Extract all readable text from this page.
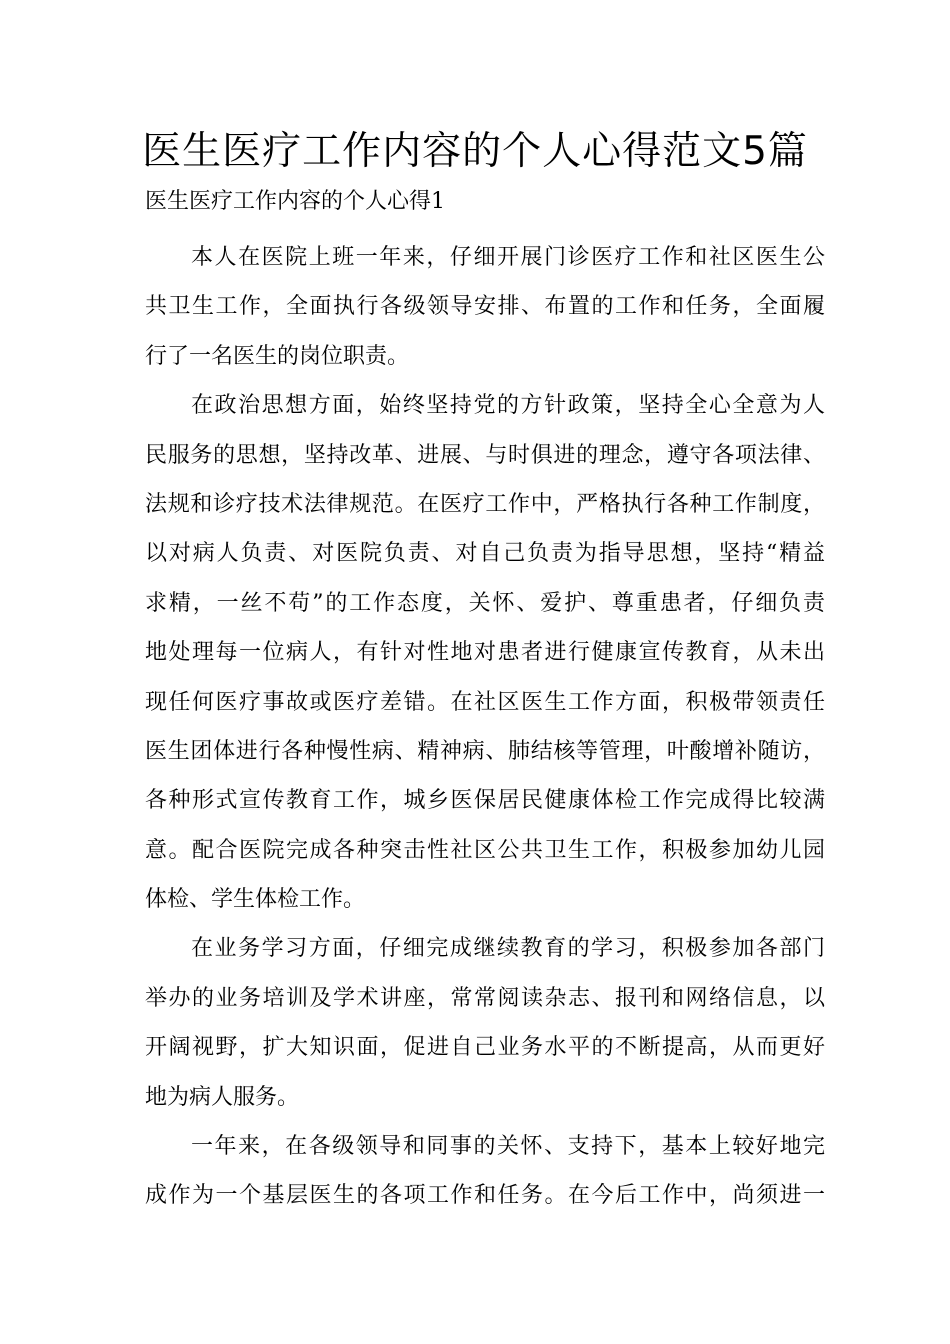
医生医疗工作内容的个人心得范文5篇
医生医疗工作内容的个人心得1
本人在医院上班一年来，仔细开展门诊医疗工作和社区医生公
共卫生工作，全面执行各级领导安排、布置的工作和任务，全面履
行了一名医生的岗位职责。
在政治思想方面，始终坚持党的方针政策，坚持全心全意为人
民服务的思想，坚持改革、进展、与时俱进的理念，遵守各项法律、
法规和诊疗技术法律规范。在医疗工作中，严格执行各种工作制度，
以对病人负责、对医院负责、对自己负责为指导思想，坚持“精益
求精，一丝不苟”的工作态度，关怀、爱护、尊重患者，仔细负责
地处理每一位病人，有针对性地对患者进行健康宣传教育，从未出
现任何医疗事故或医疗差错。在社区医生工作方面，积极带领责任
医生团体进行各种慢性病、精神病、肺结核等管理，叶酸增补随访，
各种形式宣传教育工作，城乡医保居民健康体检工作完成得比较满
意。配合医院完成各种突击性社区公共卫生工作，积极参加幼儿园
体检、学生体检工作。
在业务学习方面，仔细完成继续教育的学习，积极参加各部门
举办的业务培训及学术讲座，常常阅读杂志、报刊和网络信息，以
开阔视野，扩大知识面，促进自己业务水平的不断提高，从而更好
地为病人服务。
一年来，在各级领导和同事的关怀、支持下，基本上较好地完
成作为一个基层医生的各项工作和任务。在今后工作中，尚须进一
